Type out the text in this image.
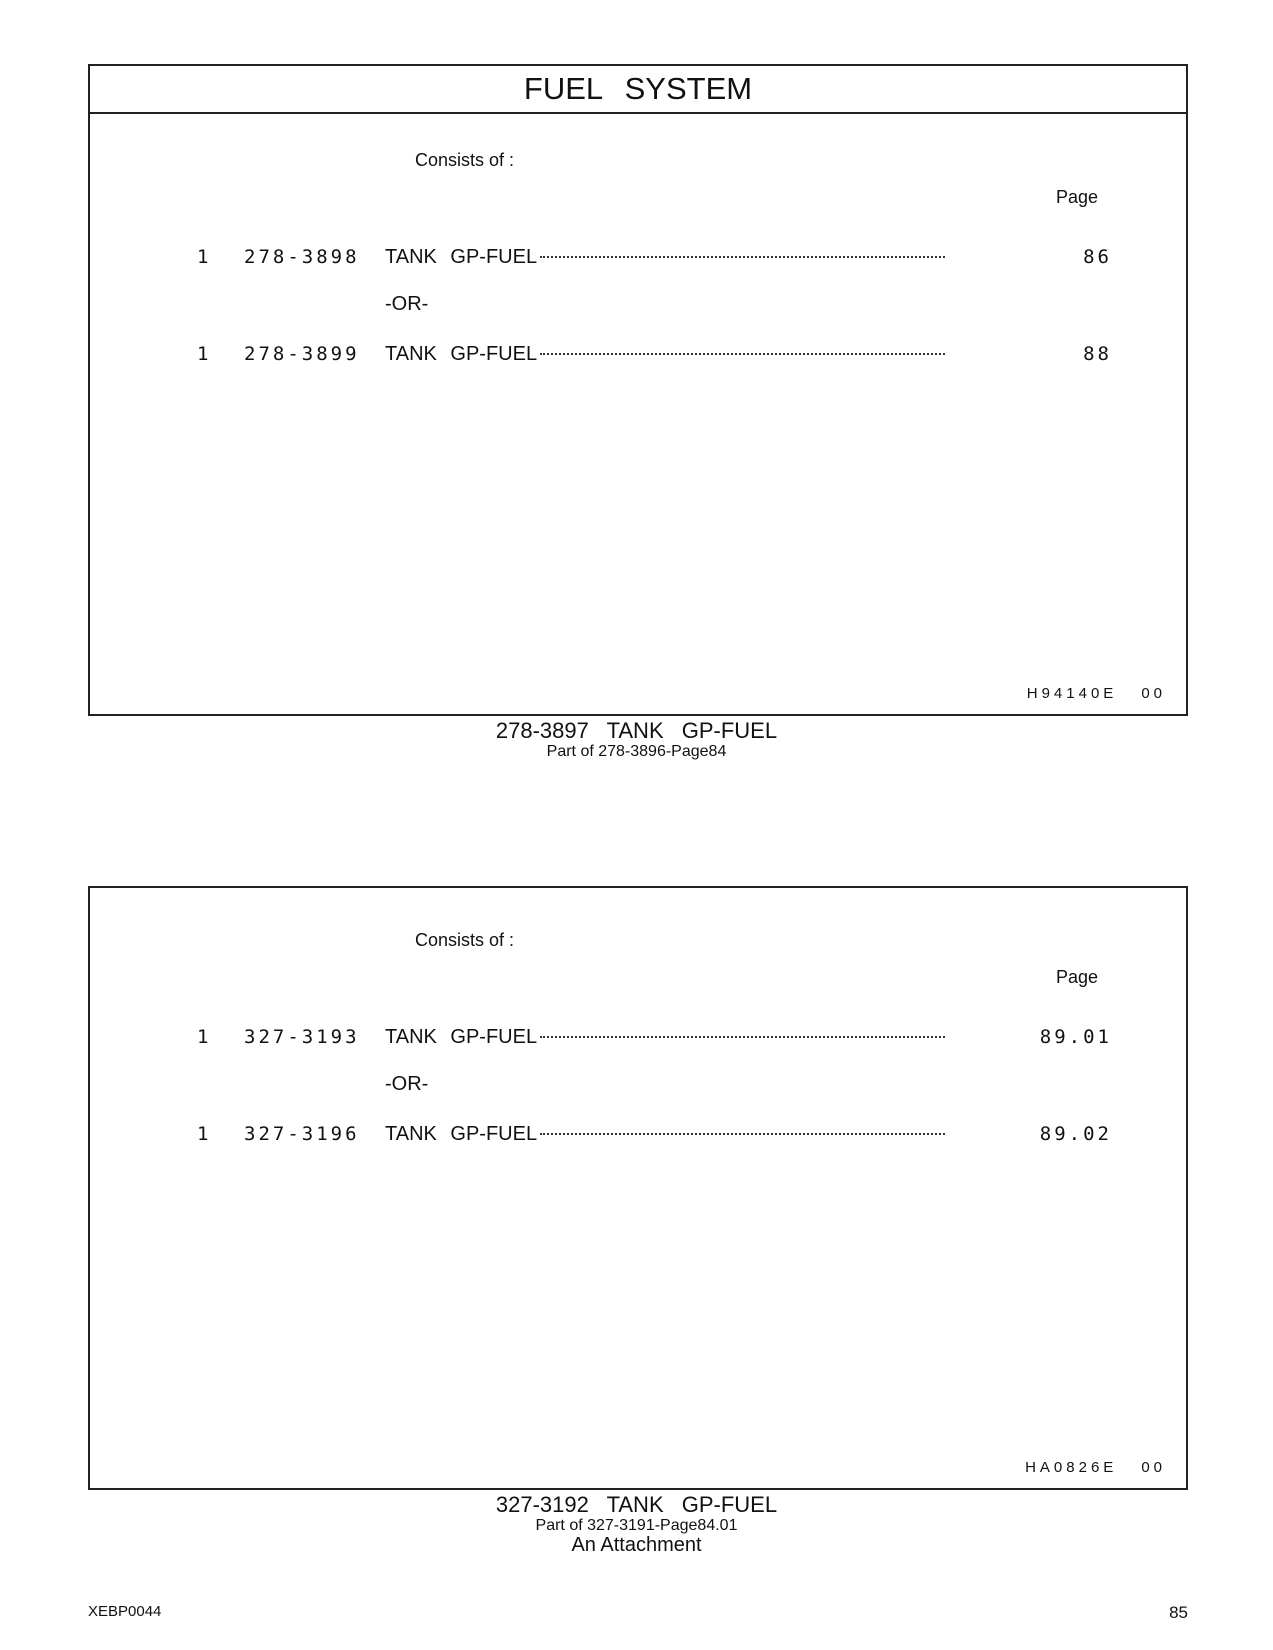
FUEL SYSTEM
Consists of :
Page
1 278-3898 TANK GP-FUEL	86
-OR-
1 278-3899 TANK GP-FUEL	88
H94140E 00
278-3897 TANK GP-FUEL
Part of 278-3896-Page84
Consists of :
Page
1 327-3193 TANK GP-FUEL	89.01
-OR-
1 327-3196 TANK GP-FUEL	89.02
HA0826E 00
327-3192 TANK GP-FUEL
Part of 327-3191-Page84.01
An Attachment
XEBP0044	85
